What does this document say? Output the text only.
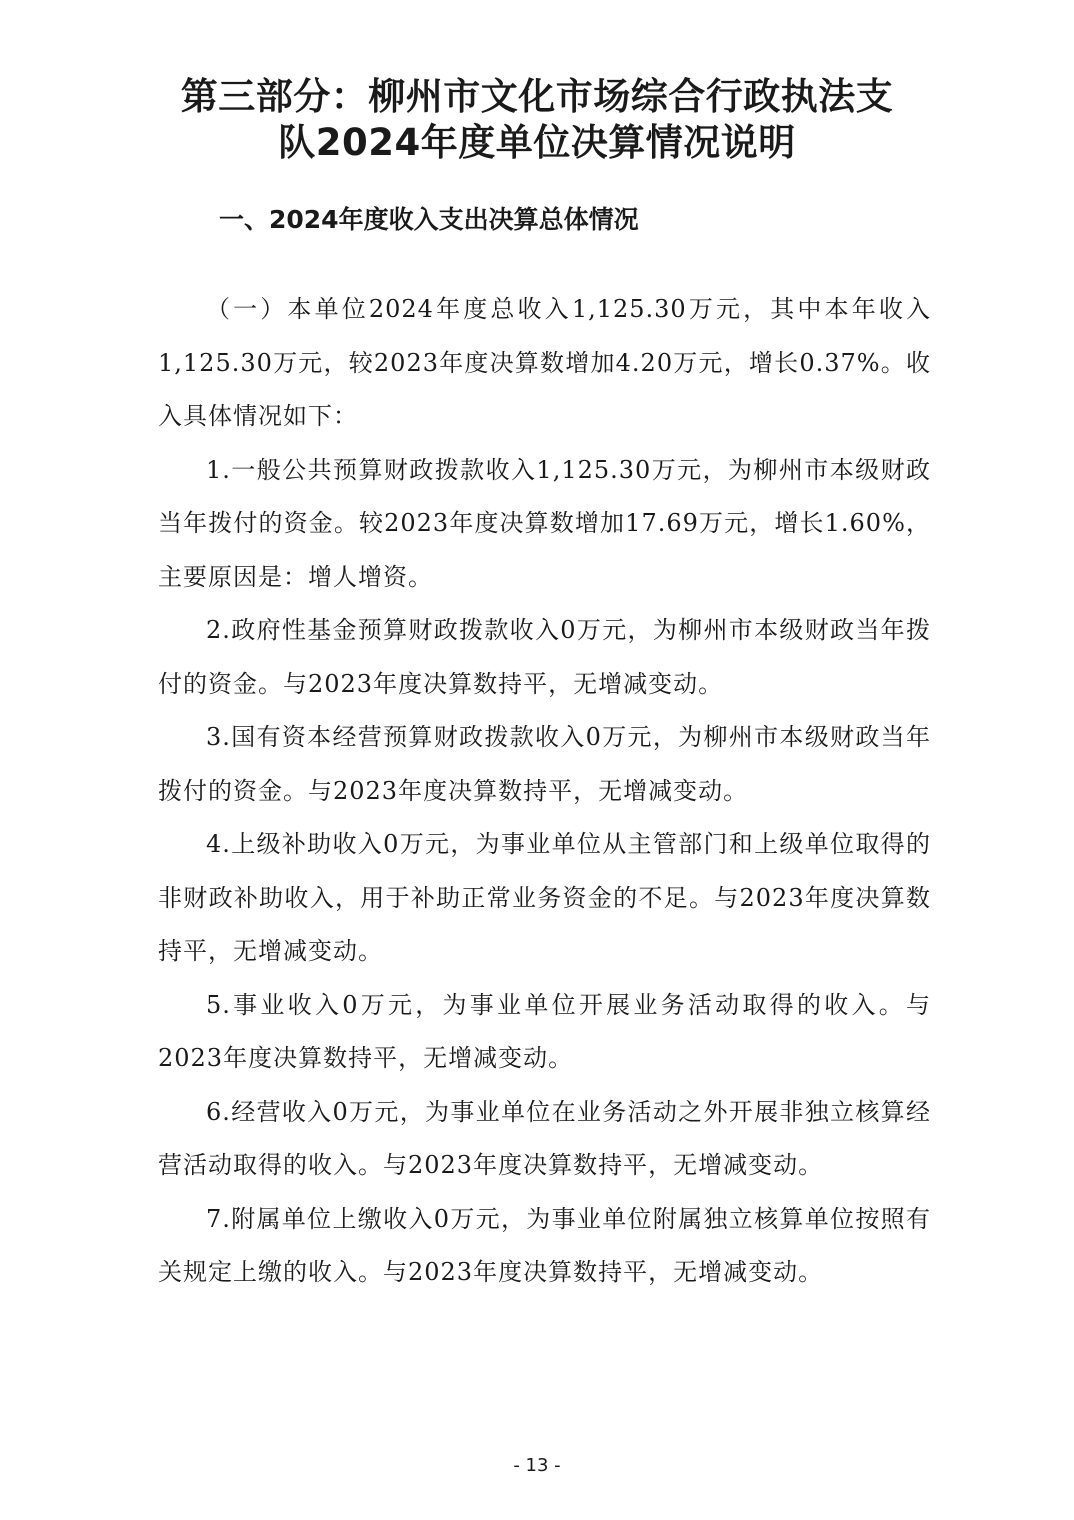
第三部分：柳州市文化市场综合行政执法支
队2024年度单位决算情况说明
一、2024年度收入支出决算总体情况

（一）本单位2024年度总收入1,125.30万元，其中本年收入1,125.30万元，较2023年度决算数增加4.20万元，增长0.37%。收入具体情况如下：

1.一般公共预算财政拨款收入1,125.30万元，为柳州市本级财政当年拨付的资金。较2023年度决算数增加17.69万元，增长1.60%，主要原因是：增人增资。

2.政府性基金预算财政拨款收入0万元，为柳州市本级财政当年拨付的资金。与2023年度决算数持平，无增减变动。

3.国有资本经营预算财政拨款收入0万元，为柳州市本级财政当年拨付的资金。与2023年度决算数持平，无增减变动。

4.上级补助收入0万元，为事业单位从主管部门和上级单位取得的非财政补助收入，用于补助正常业务资金的不足。与2023年度决算数持平，无增减变动。

5.事业收入0万元，为事业单位开展业务活动取得的收入。与2023年度决算数持平，无增减变动。

6.经营收入0万元，为事业单位在业务活动之外开展非独立核算经营活动取得的收入。与2023年度决算数持平，无增减变动。

7.附属单位上缴收入0万元，为事业单位附属独立核算单位按照有关规定上缴的收入。与2023年度决算数持平，无增减变动。

- 13 -
